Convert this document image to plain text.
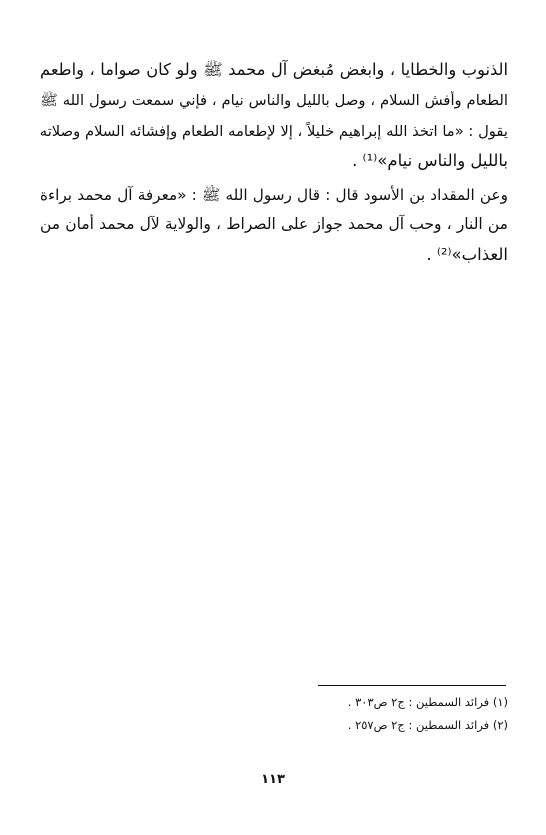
الذنوب والخطايا ، وابغض مُبغض آل محمد ﷺ ولو كان صواما ، واطعم
الطعام وأفش السلام ، وصل بالليل والناس نيام ، فإني سمعت رسول الله ﷺ
يقول : «ما اتخذ الله إبراهيم خليلاً ، إلا لإطعامه الطعام وإفشائه السلام وصلاته
بالليل والناس نيام»⁽¹⁾ .
وعن المقداد بن الأسود قال : قال رسول الله ﷺ : «معرفة آل محمد براءة
من النار ، وحب آل محمد جواز على الصراط ، والولاية لآل محمد أمان من
العذاب»⁽²⁾ .
(١) فرائد السمطين : ج٢ ص٣٠٣ .
(٢) فرائد السمطين : ج٢ ص٢٥٧ .
١١٣
